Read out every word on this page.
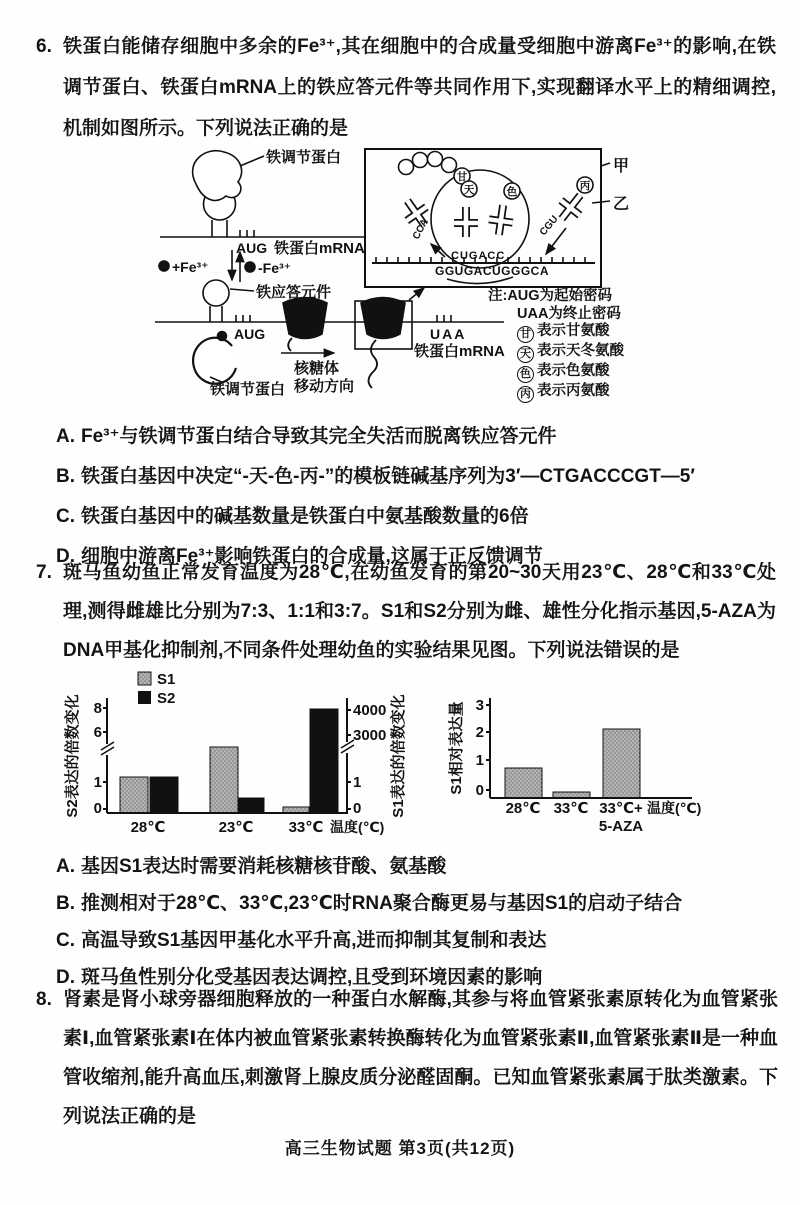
6. 铁蛋白能储存细胞中多余的Fe³⁺,其在细胞中的合成量受细胞中游离Fe³⁺的影响,在铁调节蛋白、铁蛋白mRNA上的铁应答元件等共同作用下,实现翻译水平上的精细调控,机制如图所示。下列说法正确的是
铁调节蛋白
AUG 铁蛋白mRNA
+Fe³⁺	-Fe³⁺
铁应答元件
AUG
核糖体
移动方向
UAA
铁蛋白mRNA
铁调节蛋白
甲
乙
CUGACC
GGUGACUGGGCA
CCA	CGU
甘
天	色	丙
注:AUG为起始密码
UAA为终止密码
甘 表示甘氨酸
天 表示天冬氨酸
色 表示色氨酸
丙 表示丙氨酸
A. Fe³⁺与铁调节蛋白结合导致其完全失活而脱离铁应答元件
B. 铁蛋白基因中决定“-天-色-丙-”的模板链碱基序列为3′—CTGACCCGT—5′
C. 铁蛋白基因中的碱基数量是铁蛋白中氨基酸数量的6倍
D. 细胞中游离Fe³⁺影响铁蛋白的合成量,这属于正反馈调节
7. 斑马鱼幼鱼正常发育温度为28℃,在幼鱼发育的第20~30天用23℃、28℃和33℃处理,测得雌雄比分别为7:3、1:1和3:7。S1和S2分别为雌、雄性分化指示基因,5-AZA为DNA甲基化抑制剂,不同条件处理幼鱼的实验结果见图。下列说法错误的是
S1
S2
8
6
1
0
4000
3000
1
0
28℃	23℃ 33℃ 温度(℃)
S2表达的倍数变化	S1表达的倍数变化	3
2
1
0
28℃ 33℃ 33℃+
5-AZA
温度(℃)
S1相对表达量
A. 基因S1表达时需要消耗核糖核苷酸、氨基酸
B. 推测相对于28℃、33℃,23℃时RNA聚合酶更易与基因S1的启动子结合
C. 高温导致S1基因甲基化水平升高,进而抑制其复制和表达
D. 斑马鱼性别分化受基因表达调控,且受到环境因素的影响
8. 肾素是肾小球旁器细胞释放的一种蛋白水解酶,其参与将血管紧张素原转化为血管紧张素Ⅰ,血管紧张素Ⅰ在体内被血管紧张素转换酶转化为血管紧张素Ⅱ,血管紧张素Ⅱ是一种血管收缩剂,能升高血压,刺激肾上腺皮质分泌醛固酮。已知血管紧张素属于肽类激素。下列说法正确的是
高三生物试题 第3页(共12页)
